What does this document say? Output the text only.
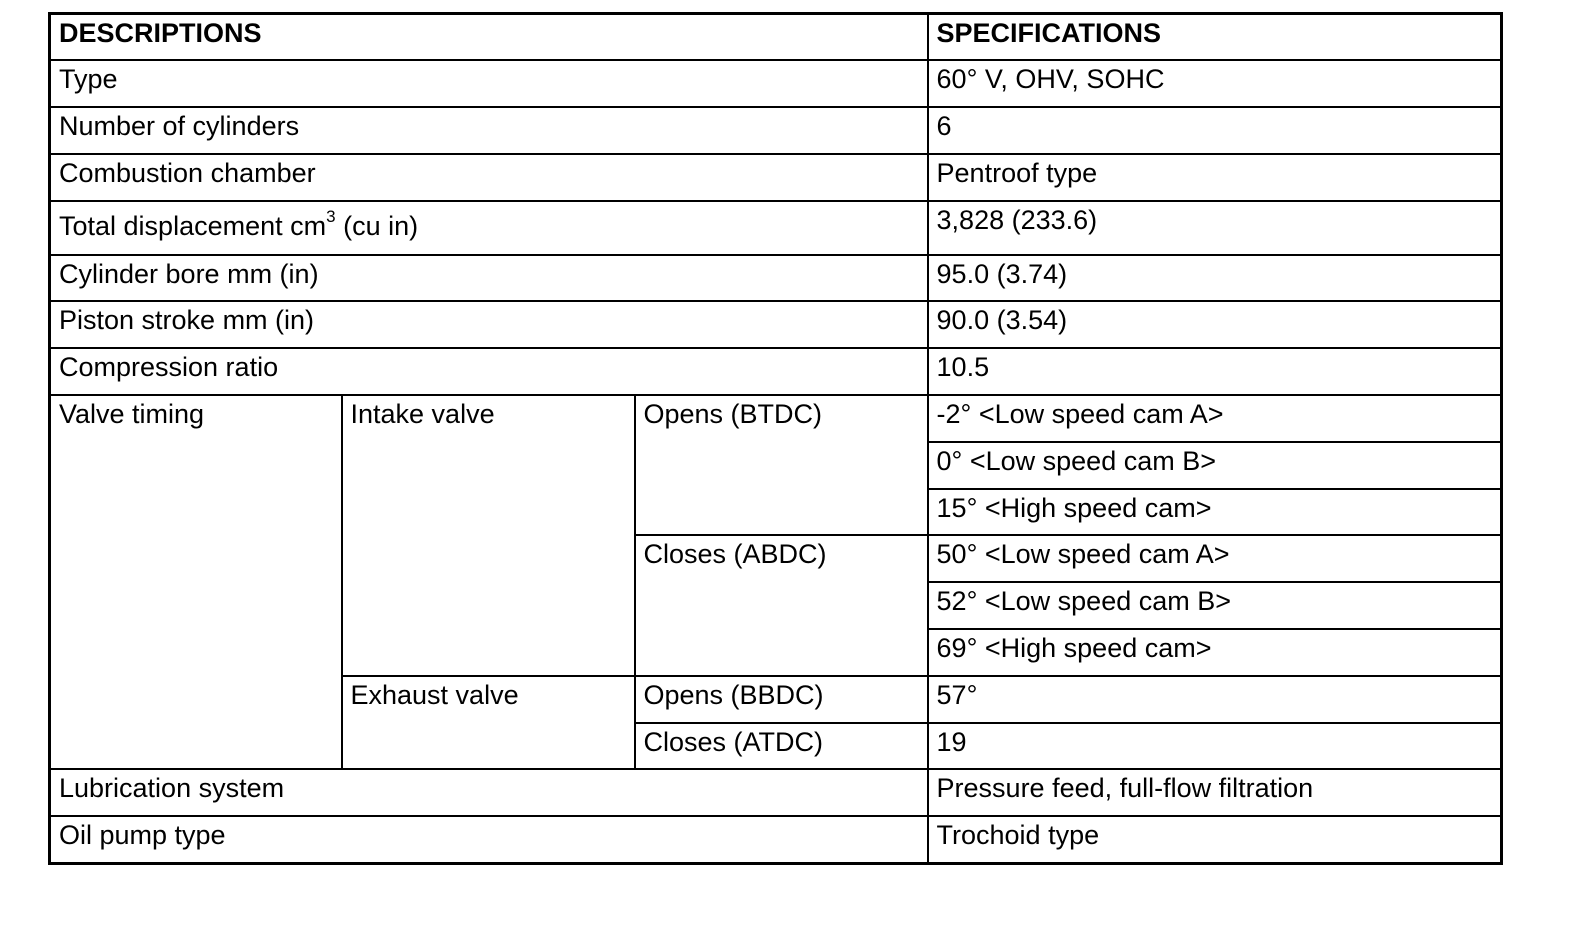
DESCRIPTIONS			SPECIFICATIONS
Type			60° V, OHV, SOHC
Number of cylinders			6
Combustion chamber			Pentroof type
Total displacement $cm^3$ (cu in)			3,828 (233.6)
Cylinder bore mm (in)			95.0 (3.74)
Piston stroke mm (in)			90.0 (3.54)
Compression ratio			10.5
Valve timing	Intake valve	Opens (BTDC)	-2° <Low speed cam A>
			0° <Low speed cam B>
			15° <High speed cam>
		Closes (ABDC)	50° <Low speed cam A>
			52° <Low speed cam B>
			69° <High speed cam>
	Exhaust valve	Opens (BBDC)	57°
		Closes (ATDC)	19
Lubrication system			Pressure feed, full-flow filtration
Oil pump type			Trochoid type
